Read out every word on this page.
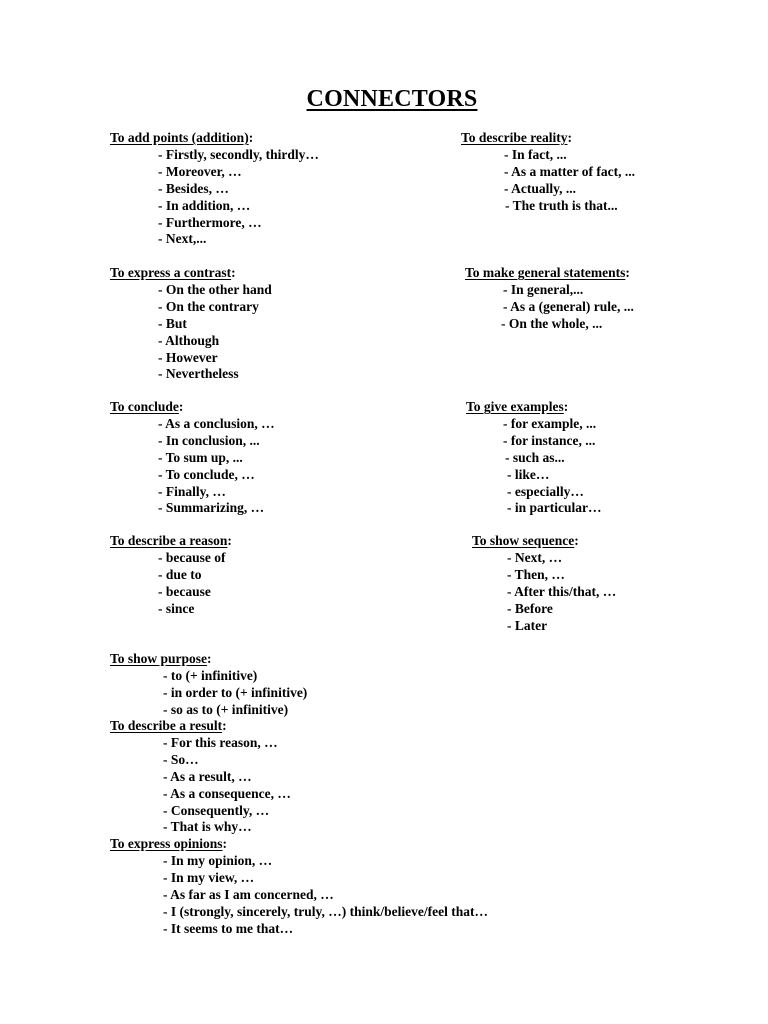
CONNECTORS
To add points (addition):
- Firstly, secondly, thirdly…
- Moreover, …
- Besides, …
- In addition, …
- Furthermore, …
- Next,...
To describe reality:
- In fact, ...
- As a matter of fact, ...
- Actually, ...
- The truth is that...
To express a contrast:
- On the other hand
- On the contrary
- But
- Although
- However
- Nevertheless
To make general statements:
- In general,...
- As a (general) rule, ...
- On the whole, ...
To conclude:
- As a conclusion, …
- In conclusion, ...
- To sum up, ...
- To conclude, …
- Finally, …
- Summarizing, …
To give examples:
- for example, ...
- for instance, ...
- such as...
- like…
- especially…
- in particular…
To describe a reason:
- because of
- due to
- because
- since
To show sequence:
- Next, …
- Then, …
- After this/that, …
- Before
- Later
To show purpose:
- to (+ infinitive)
- in order to (+ infinitive)
- so as to (+ infinitive)
To describe a result:
- For this reason, …
- So…
- As a result, …
- As a consequence, …
- Consequently, …
- That is why…
To express opinions:
- In my opinion, …
- In my view, …
- As far as I am concerned, …
- I (strongly, sincerely, truly, …) think/believe/feel that…
- It seems to me that…
